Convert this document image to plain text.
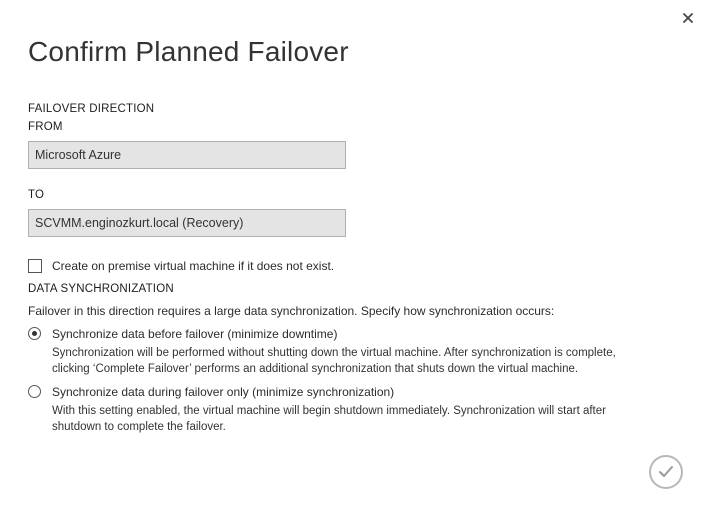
Confirm Planned Failover
FAILOVER DIRECTION
FROM
Microsoft Azure
TO
SCVMM.enginozkurt.local (Recovery)
Create on premise virtual machine if it does not exist.
DATA SYNCHRONIZATION
Failover in this direction requires a large data synchronization. Specify how synchronization occurs:
Synchronize data before failover (minimize downtime)
Synchronization will be performed without shutting down the virtual machine. After synchronization is complete,
clicking ‘Complete Failover’ performs an additional synchronization that shuts down the virtual machine.
Synchronize data during failover only (minimize synchronization)
With this setting enabled, the virtual machine will begin shutdown immediately. Synchronization will start after
shutdown to complete the failover.
